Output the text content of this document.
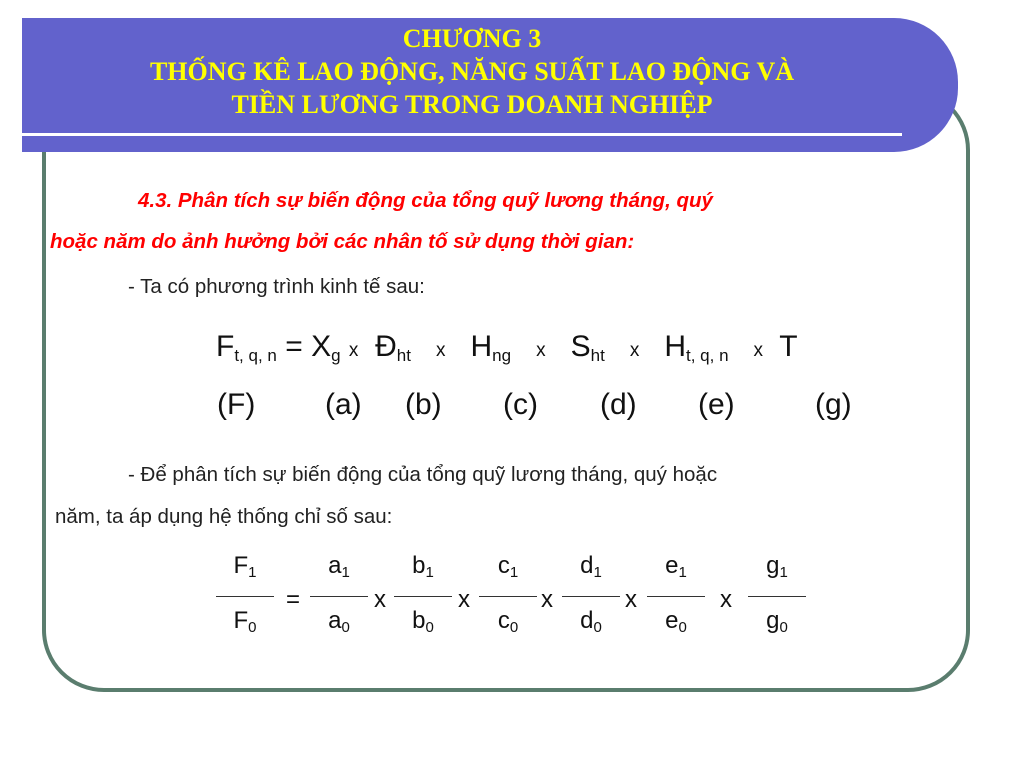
CHƯƠNG 3
THỐNG KÊ LAO ĐỘNG, NĂNG SUẤT LAO ĐỘNG VÀ
TIỀN LƯƠNG TRONG DOANH NGHIỆP
4.3. Phân tích sự biến động của tổng quỹ lương tháng, quý
hoặc năm do ảnh hưởng bởi các nhân tố sử dụng thời gian:
- Ta có phương trình kinh tế sau:
$F_{t, q, n} = X_g$ x $Đ_{ht}$ x $H_{ng}$ x $S_{ht}$ x $H_{t, q, n}$ x T
(F) (a) (b) (c) (d) (e)	(g)
- Để phân tích sự biến động của tổng quỹ lương tháng, quý hoặc
năm, ta áp dụng hệ thống chỉ số sau:
$F_1$
$F_0$
=
$a_1$
$a_0$
x
$b_1$
$b_0$
x
$c_1$
$c_0$
x
$d_1$
$d_0$
x
$e_1$
$e_0$
x
$g_1$
$g_0$
